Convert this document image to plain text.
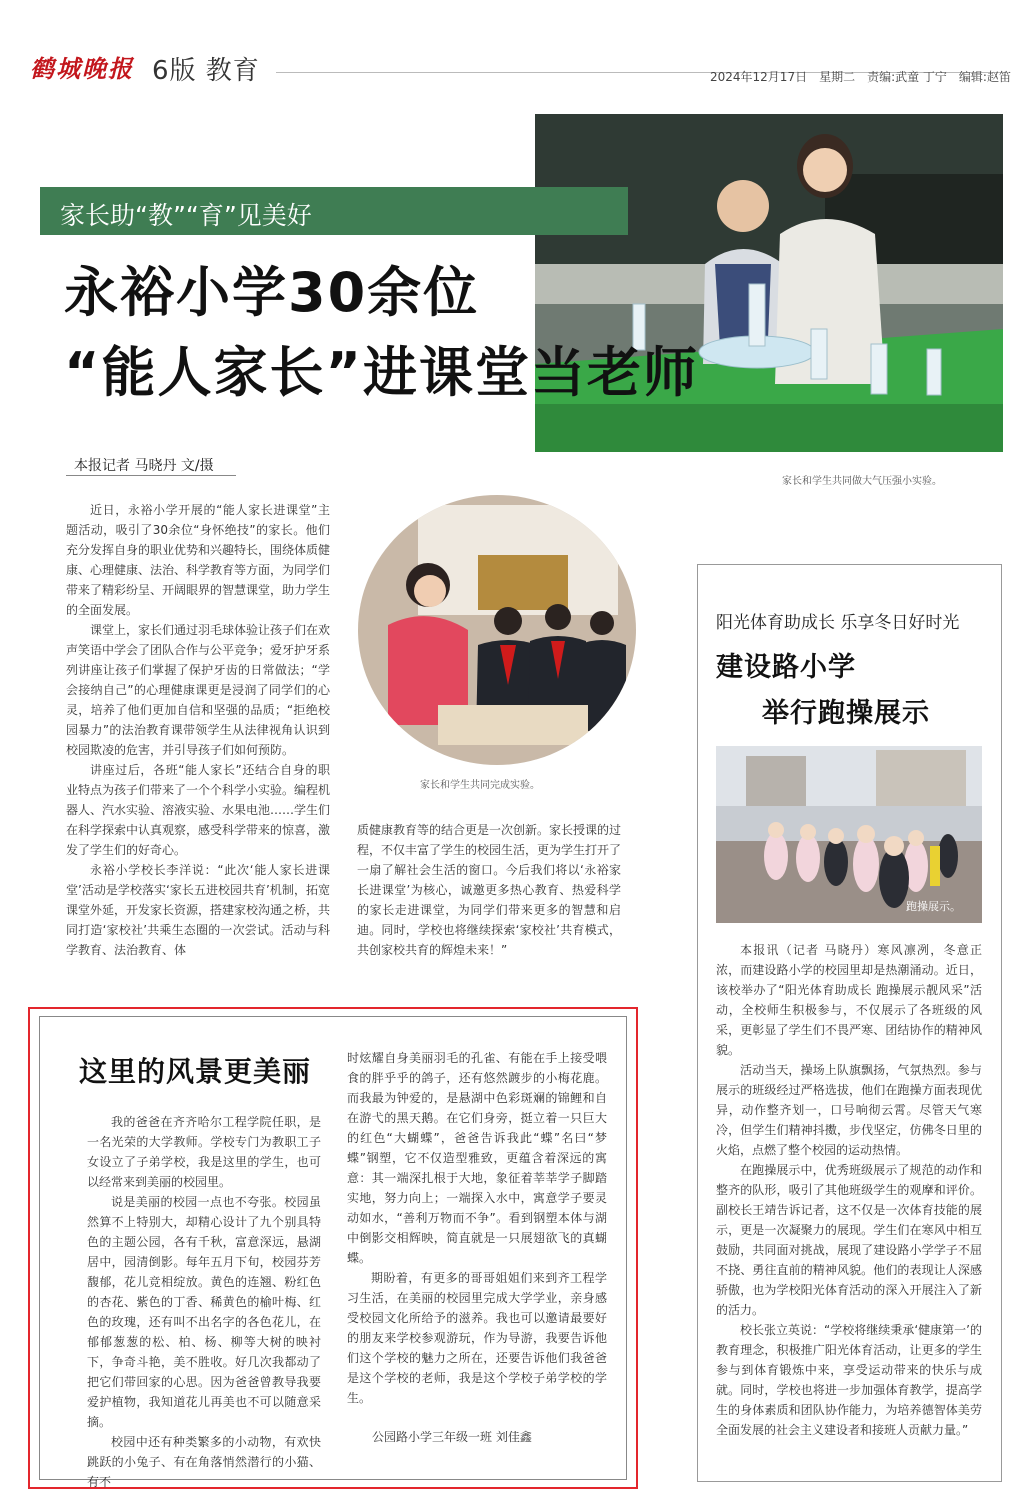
鹤城晚报 6版 教育	2024年12月17日　星期二　责编:武童 丁宁　编辑:赵笛
家长助“教”“育”见美好
永裕小学30余位
“能人家长”进课堂当老师
本报记者 马晓丹 文/摄
家长和学生共同做大气压强小实验。

近日，永裕小学开展的“能人家长进课堂”主题活动，吸引了30余位“身怀绝技”的家长。他们充分发挥自身的职业优势和兴趣特长，围绕体质健康、心理健康、法治、科学教育等方面，为同学们带来了精彩纷呈、开阔眼界的智慧课堂，助力学生的全面发展。

课堂上，家长们通过羽毛球体验让孩子们在欢声笑语中学会了团队合作与公平竞争；爱牙护牙系列讲座让孩子们掌握了保护牙齿的日常做法；“学会接纳自己”的心理健康课更是浸润了同学们的心灵，培养了他们更加自信和坚强的品质；“拒绝校园暴力”的法治教育课带领学生从法律视角认识到校园欺凌的危害，并引导孩子们如何预防。

讲座过后，各班“能人家长”还结合自身的职业特点为孩子们带来了一个个科学小实验。编程机器人、汽水实验、溶液实验、水果电池……学生们在科学探索中认真观察，感受科学带来的惊喜，激发了学生们的好奇心。

永裕小学校长李洋说：“此次‘能人家长进课堂’活动是学校落实‘家长五进校园共育’机制，拓宽课堂外延，开发家长资源，搭建家校沟通之桥，共同打造‘家校社’共乘生态圈的一次尝试。活动与科学教育、法治教育、体

家长和学生共同完成实验。

质健康教育等的结合更是一次创新。家长授课的过程，不仅丰富了学生的校园生活，更为学生打开了一扇了解社会生活的窗口。今后我们将以‘永裕家长进课堂’为核心，诚邀更多热心教育、热爱科学的家长走进课堂，为同学们带来更多的智慧和启迪。同时，学校也将继续探索‘家校社’共育模式，共创家校共育的辉煌未来！”

阳光体育助成长 乐享冬日好时光
建设路小学
举行跑操展示
跑操展示。

本报讯（记者 马晓丹）寒风凛冽，冬意正浓，而建设路小学的校园里却是热潮涌动。近日，该校举办了“阳光体育助成长 跑操展示靓风采”活动，全校师生积极参与，不仅展示了各班级的风采，更彰显了学生们不畏严寒、团结协作的精神风貌。

活动当天，操场上队旗飘扬，气氛热烈。参与展示的班级经过严格选拔，他们在跑操方面表现优异，动作整齐划一，口号响彻云霄。尽管天气寒冷，但学生们精神抖擞，步伐坚定，仿佛冬日里的火焰，点燃了整个校园的运动热情。

在跑操展示中，优秀班级展示了规范的动作和整齐的队形，吸引了其他班级学生的观摩和评价。副校长王靖告诉记者，这不仅是一次体育技能的展示，更是一次凝聚力的展现。学生们在寒风中相互鼓励，共同面对挑战，展现了建设路小学学子不屈不挠、勇往直前的精神风貌。他们的表现让人深感骄傲，也为学校阳光体育活动的深入开展注入了新的活力。

校长张立英说：“学校将继续秉承‘健康第一’的教育理念，积极推广阳光体育活动，让更多的学生参与到体育锻炼中来，享受运动带来的快乐与成就。同时，学校也将进一步加强体育教学，提高学生的身体素质和团队协作能力，为培养德智体美劳全面发展的社会主义建设者和接班人贡献力量。”

这里的风景更美丽

我的爸爸在齐齐哈尔工程学院任职，是一名光荣的大学教师。学校专门为教职工子女设立了子弟学校，我是这里的学生，也可以经常来到美丽的校园里。

说是美丽的校园一点也不夸张。校园虽然算不上特别大，却精心设计了九个别具特色的主题公园，各有千秋，富意深远，悬湖居中，园清倒影。每年五月下旬，校园芬芳馥郁，花儿竞相绽放。黄色的连翘、粉红色的杏花、紫色的丁香、稀黄色的榆叶梅、红色的玫瑰，还有叫不出名字的各色花儿，在郁郁葱葱的松、柏、杨、柳等大树的映衬下，争奇斗艳，美不胜收。好几次我都动了把它们带回家的心思。因为爸爸曾教导我要爱护植物，我知道花儿再美也不可以随意采摘。

校园中还有种类繁多的小动物，有欢快跳跃的小兔子、有在角落悄然潜行的小猫、有不

时炫耀自身美丽羽毛的孔雀、有能在手上接受喂食的胖乎乎的鸽子，还有悠然踱步的小梅花鹿。而我最为钟爱的，是悬湖中色彩斑斓的锦鲤和自在游弋的黑天鹅。在它们身旁，挺立着一只巨大的红色“大蝴蝶”，爸爸告诉我此“蝶”名曰“梦蝶”钢塑，它不仅造型雅致，更蕴含着深远的寓意：其一端深扎根于大地，象征着莘莘学子脚踏实地，努力向上；一端探入水中，寓意学子要灵动如水，“善利万物而不争”。看到钢塑本体与湖中倒影交相辉映，简直就是一只展翅欲飞的真蝴蝶。

期盼着，有更多的哥哥姐姐们来到齐工程学习生活，在美丽的校园里完成大学学业，亲身感受校园文化所给予的滋养。我也可以邀请最要好的朋友来学校参观游玩，作为导游，我要告诉他们这个学校的魅力之所在，还要告诉他们我爸爸是这个学校的老师，我是这个学校子弟学校的学生。

公园路小学三年级一班 刘佳鑫
